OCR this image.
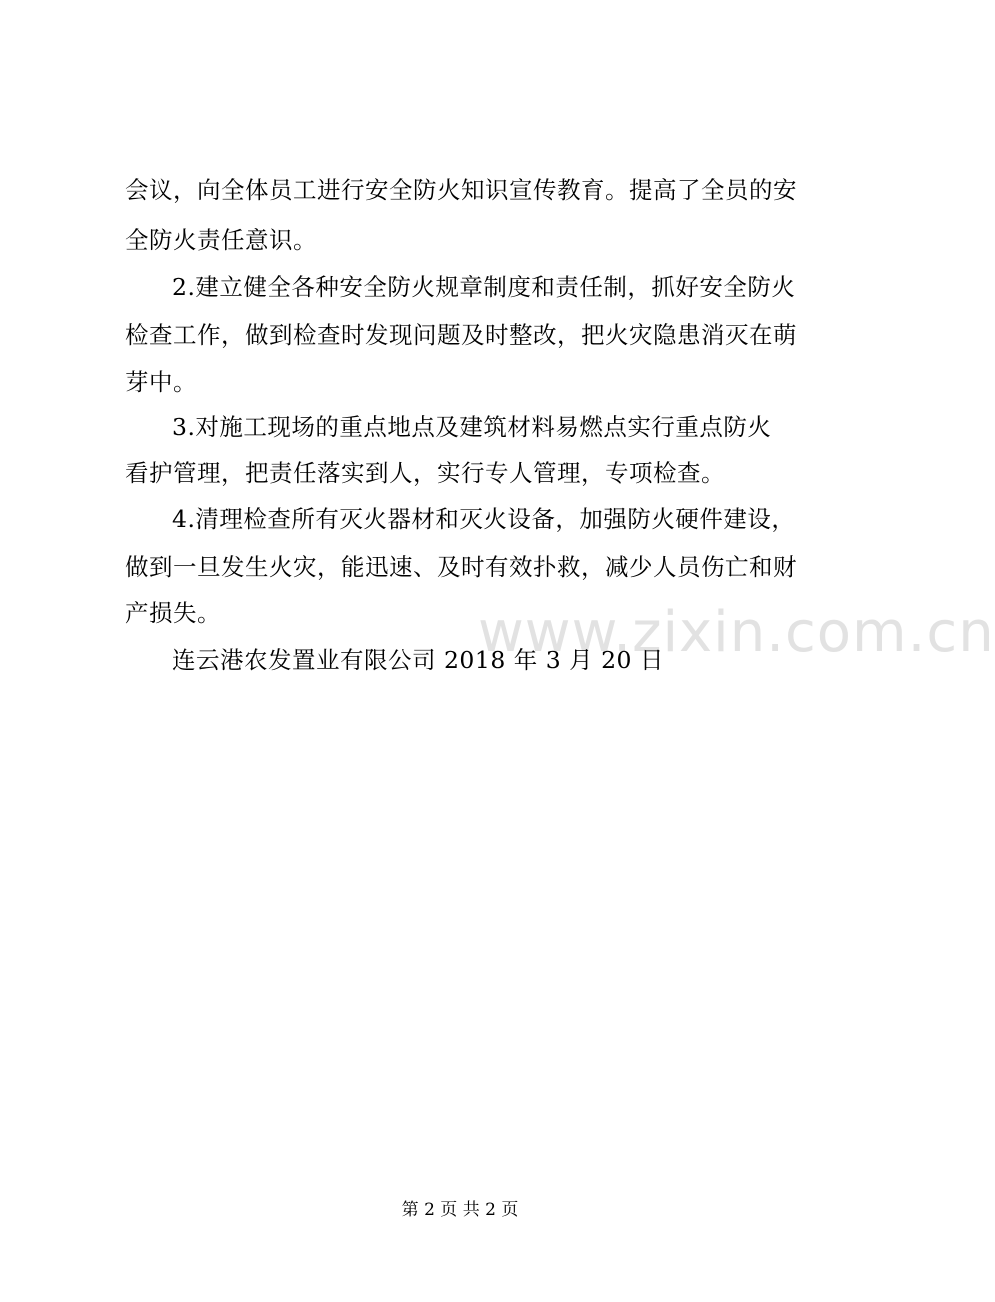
会议，向全体员工进行安全防火知识宣传教育。提高了全员的安
全防火责任意识。
2.建立健全各种安全防火规章制度和责任制，抓好安全防火
检查工作，做到检查时发现问题及时整改，把火灾隐患消灭在萌
芽中。
3.对施工现场的重点地点及建筑材料易燃点实行重点防火
看护管理，把责任落实到人，实行专人管理，专项检查。
4.清理检查所有灭火器材和灭火设备，加强防火硬件建设，
做到一旦发生火灾，能迅速、及时有效扑救，减少人员伤亡和财
产损失。	www.zixin.com.cn
连云港农发置业有限公司 2018 年 3 月 20 日
第 2 页 共 2 页
